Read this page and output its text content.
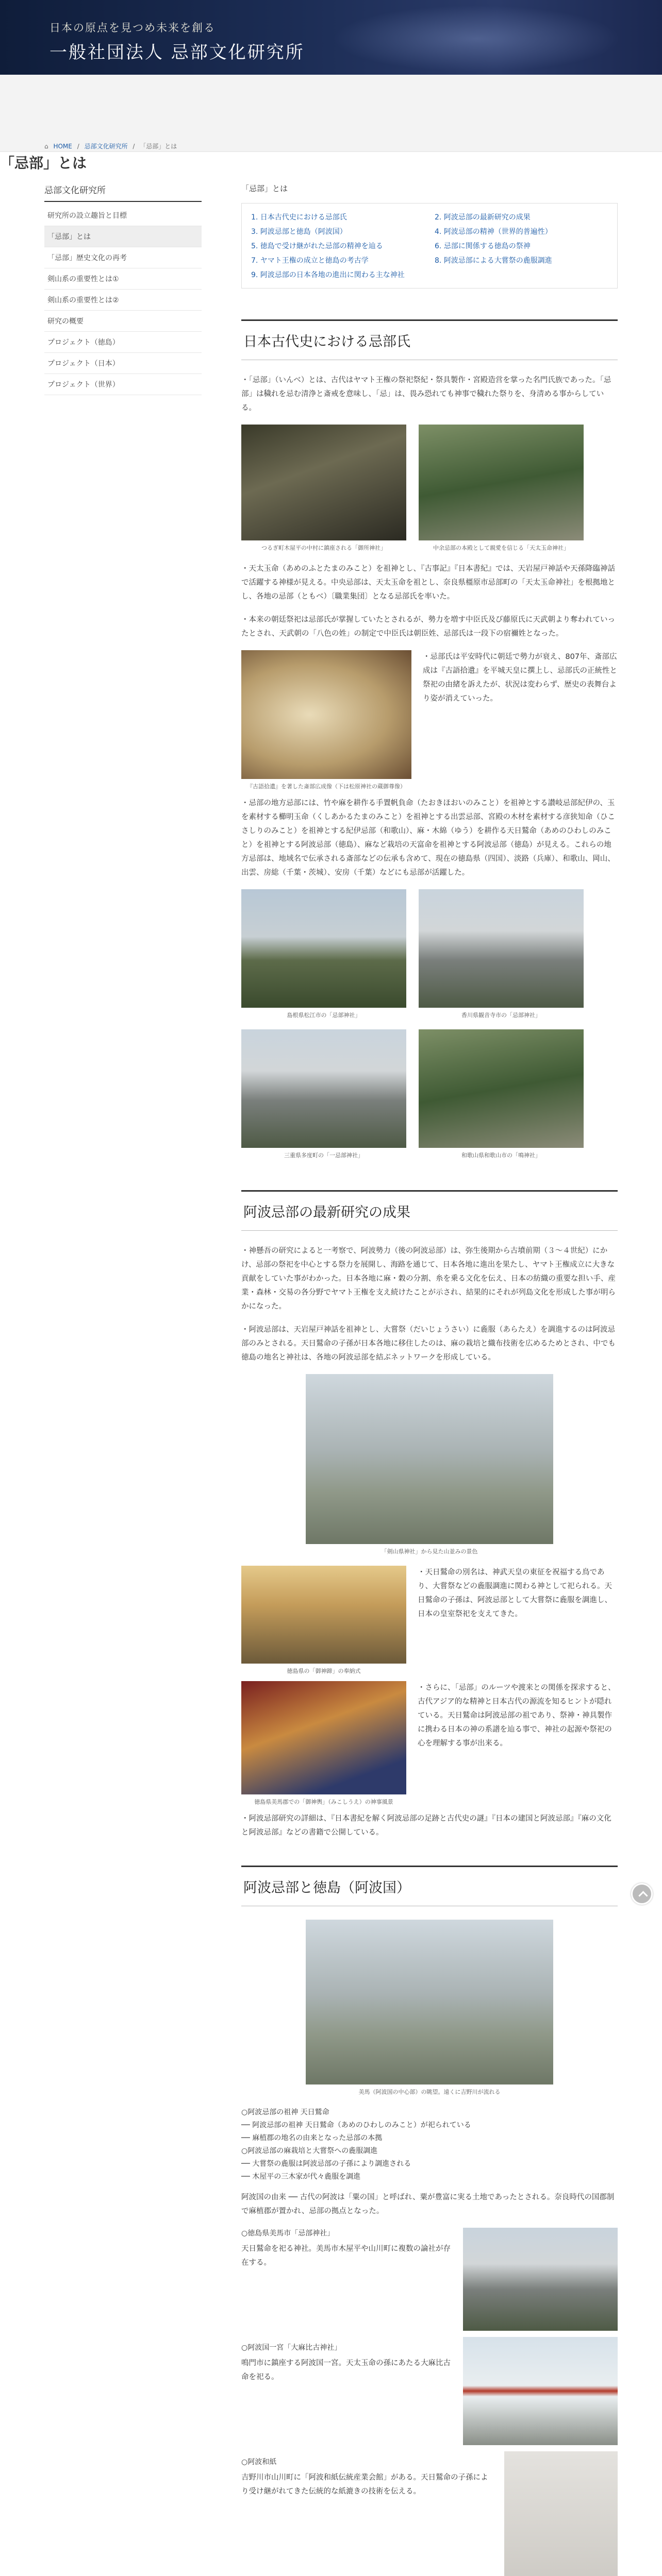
日本の原点を見つめ未来を創る
一般社団法人 忌部文化研究所
「忌部」とは
⌂ HOME / 忌部文化研究所 / 「忌部」とは
忌部文化研究所
研究所の設立趣旨と目標
「忌部」とは
「忌部」歴史文化の再考
剣山系の重要性とは①
剣山系の重要性とは②
研究の概要
プロジェクト（徳島）
プロジェクト（日本）
プロジェクト（世界）
「忌部」とは
1. 日本古代史における忌部氏	2. 阿波忌部の最新研究の成果
3. 阿波忌部と徳島（阿波国）	4. 阿波忌部の精神（世界的普遍性）
5. 徳島で受け継がれた忌部の精神を辿る	6. 忌部に関係する徳島の祭神
7. ヤマト王権の成立と徳島の考古学	8. 阿波忌部による大嘗祭の麁服調進
9. 阿波忌部の日本各地の進出に関わる主な神社
日本古代史における忌部氏

・「忌部」（いんべ）とは、古代はヤマト王権の祭祀祭紀・祭具製作・宮殿造営を掌った名門氏族であった。「忌部」は穢れを忌む清浄と斎戒を意味し、「忌」は、畏み恐れても神事で穢れた祭りを、身清める事からしている。

つるぎ町木屋平の中村に鎮座される「御所神社」	中余忌部の本殿として親愛を信じる「天太玉命神社」

・天太玉命（あめのふとたまのみこと）を祖神とし、『古事記』『日本書紀』では、天岩屋戸神話や天孫降臨神話で活躍する神様が見える。中央忌部は、天太玉命を祖とし、奈良県橿原市忌部町の「天太玉命神社」を根拠地とし、各地の忌部（ともべ）〔職業集団〕となる忌部氏を率いた。

・本来の朝廷祭祀は忌部氏が掌握していたとされるが、勢力を増す中臣氏及び藤原氏に天武朝より奪われていったとされ、天武朝の「八色の姓」の制定で中臣氏は朝臣姓、忌部氏は一段下の宿禰姓となった。

『古語拾遺』を著した斎部広成像（下は松原神社の蔵御尊像）

・忌部氏は平安時代に朝廷で勢力が衰え、807年、斎部広成は『古語拾遺』を平城天皇に撰上し、忌部氏の正統性と祭祀の由緒を訴えたが、状況は変わらず、歴史の表舞台より姿が消えていった。

・忌部の地方忌部には、竹や麻を耕作る手置帆負命（たおきほおいのみこと）を祖神とする讃岐忌部紀伊の、玉を素材する櫛明玉命（くしあかるたまのみこと）を祖神とする出雲忌部、宮殿の木材を素材する彦狭知命（ひこさしりのみこと）を祖神とする紀伊忌部（和歌山）、麻・木綿（ゆう）を耕作る天日鷲命（あめのひわしのみこと）を祖神とする阿波忌部（徳島）、麻など栽培の天富命を祖神とする阿波忌部（徳島）が見える。これらの地方忌部は、地域名で伝承される斎部などの伝承も含めて、現在の徳島県（四国）、淡路（兵庫）、和歌山、岡山、出雲、房総（千葉・茨城）、安房（千葉）などにも忌部が活躍した。

島根県松江市の「忌部神社」	香川県観音寺市の「忌部神社」
三重県多度町の「一忌部神社」	和歌山県和歌山市の「鳴神社」
阿波忌部の最新研究の成果

・神懸吾の研究によると一考察で、阿波勢力（後の阿波忌部）は、弥生後期から古墳前期（３〜４世紀）にかけ、忌部の祭祀を中心とする祭力を展開し、海路を通じて、日本各地に進出を果たし、ヤマト王権成立に大きな貢献をしていた事がわかった。日本各地に麻・穀の分割、糸を乗る文化を伝え、日本の紡織の重要な担い手、産業・森林・交易の各分野でヤマト王権を支え続けたことが示され、結果的にそれが列島文化を形成した事が明らかになった。

・阿波忌部は、天岩屋戸神話を祖神とし、大嘗祭（だいじょうさい）に麁服（あらたえ）を調進するのは阿波忌部のみとされる。天日鷲命の子孫が日本各地に移住したのは、麻の栽培と織布技術を広めるためとされ、中でも徳島の地名と神社は、各地の阿波忌部を結ぶネットワークを形成している。

「剣山県神社」から見た山並みの景色
徳島県の「御神蹄」の奉納式

・天日鷲命の別名は、神武天皇の東征を祝福する鳥であり、大嘗祭などの麁服調進に関わる神として祀られる。天日鷲命の子孫は、阿波忌部として大嘗祭に麁服を調進し、日本の皇室祭祀を支えてきた。

徳島県美馬郡での「御神輿」（みこしうえ）の神事風景

・さらに、「忌部」のルーツや渡来との関係を探求すると、古代アジア的な精神と日本古代の源流を知るヒントが隠れている。天日鷲命は阿波忌部の祖であり、祭神・神具製作に携わる日本の神の系譜を辿る事で、神社の起源や祭祀の心を理解する事が出来る。

・阿波忌部研究の詳細は、『日本書紀を解く阿波忌部の足跡と古代史の謎』『日本の建国と阿波忌部』『麻の文化と阿波忌部』などの書籍で公開している。

阿波忌部と徳島（阿波国）
美馬（阿波国の中心部）の眺望。遠くに吉野川が流れる
○阿波忌部の祖神 天日鷲命
── 阿波忌部の祖神 天日鷲命（あめのひわしのみこと）が祀られている
── 麻植郡の地名の由来となった忌部の本拠
○阿波忌部の麻栽培と大嘗祭への麁服調進
── 大嘗祭の麁服は阿波忌部の子孫により調進される
── 木屋平の三木家が代々麁服を調進

阿波国の由来 ── 古代の阿波は「粟の国」と呼ばれ、粟が豊富に実る土地であったとされる。奈良時代の国郡制で麻植郡が置かれ、忌部の拠点となった。

○徳島県美馬市「忌部神社」

天日鷲命を祀る神社。美馬市木屋平や山川町に複数の論社が存在する。

○阿波国一宮「大麻比古神社」

鳴門市に鎮座する阿波国一宮。天太玉命の孫にあたる大麻比古命を祀る。

○阿波和紙

吉野川市山川町に「阿波和紙伝統産業会館」がある。天日鷲命の子孫により受け継がれてきた伝統的な紙漉きの技術を伝える。
